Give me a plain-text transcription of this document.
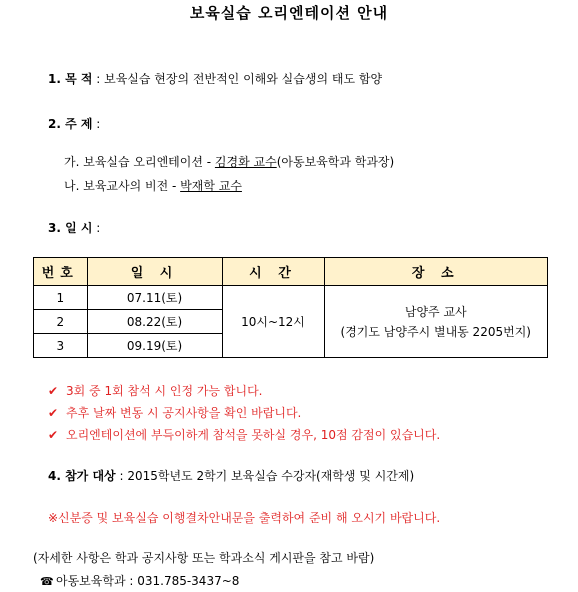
보육실습 오리엔테이션 안내
1. 목 적 : 보육실습 현장의 전반적인 이해와 실습생의 태도 함양
2. 주 제 :
가. 보육실습 오리엔테이션 - 김경화 교수(아동보육학과 학과장)
나. 보육교사의 비전 - 박재학 교수
3. 일 시 :
번호	일 시	시 간	장 소
1	07.11(토)	10시~12시	남양주 교사
(경기도 남양주시 별내동 2205번지)

2	08.22(토)		
3	09.19(토)		
✔ 3회 중 1회 참석 시 인정 가능 합니다.
✔ 추후 날짜 변동 시 공지사항을 확인 바랍니다.
✔ 오리엔테이션에 부득이하게 참석을 못하실 경우, 10점 감점이 있습니다.
4. 참가 대상 : 2015학년도 2학기 보육실습 수강자(재학생 및 시간제)
※신분증 및 보육실습 이행결차안내문을 출력하여 준비 해 오시기 바랍니다.
(자세한 사항은 학과 공지사항 또는 학과소식 게시판을 참고 바람)
☎ 아동보육학과 : 031.785-3437~8
